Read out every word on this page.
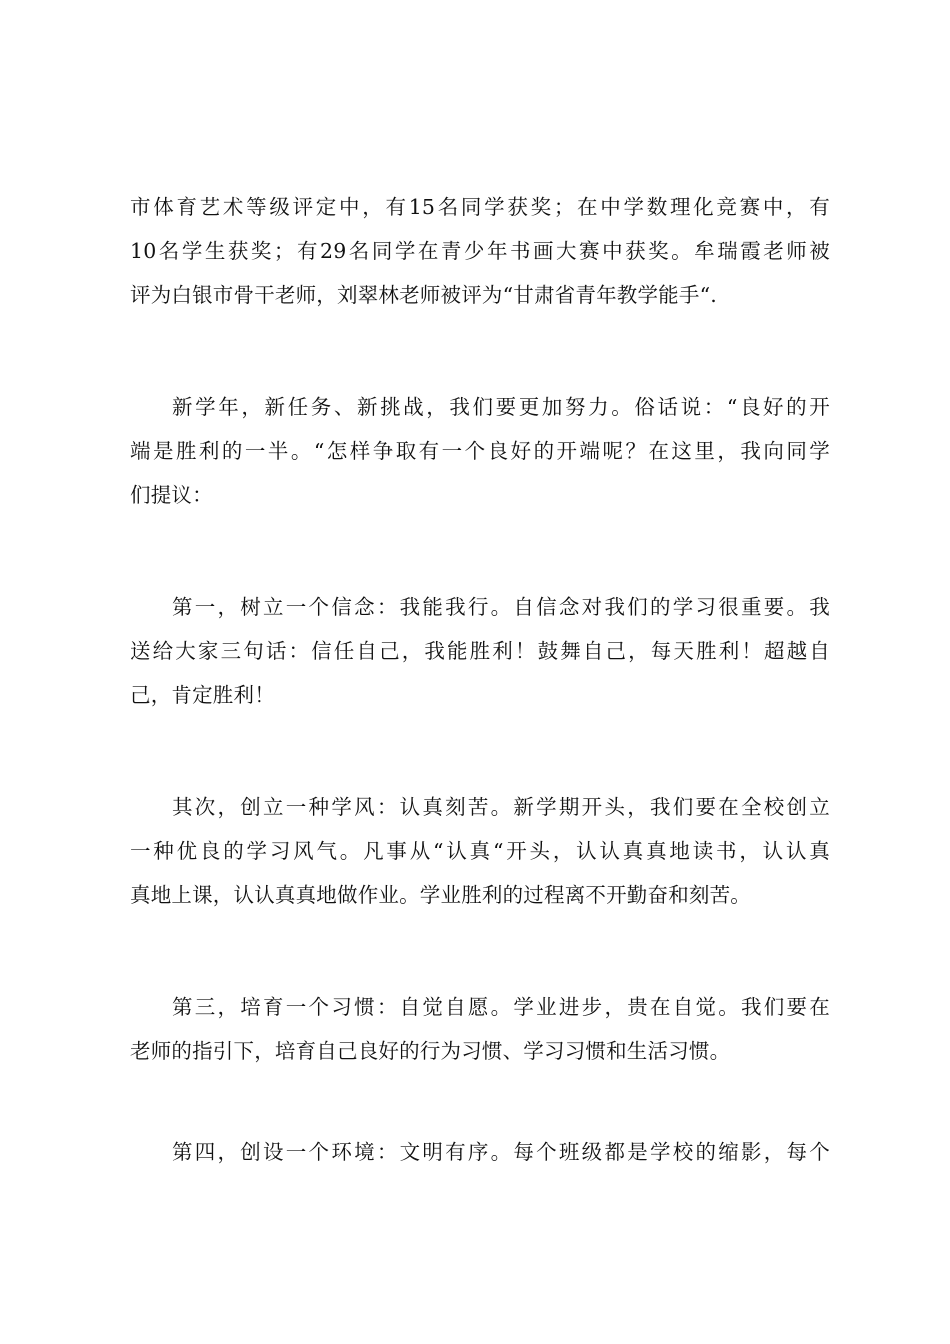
市体育艺术等级评定中，有15名同学获奖；在中学数理化竞赛中，有
10名学生获奖；有29名同学在青少年书画大赛中获奖。牟瑞霞老师被
评为白银市骨干老师，刘翠林老师被评为“甘肃省青年教学能手“.
新学年，新任务、新挑战，我们要更加努力。俗话说：“良好的开
端是胜利的一半。“怎样争取有一个良好的开端呢？在这里，我向同学
们提议：
第一，树立一个信念：我能我行。自信念对我们的学习很重要。我
送给大家三句话：信任自己，我能胜利！鼓舞自己，每天胜利！超越自
己，肯定胜利！
其次，创立一种学风：认真刻苦。新学期开头，我们要在全校创立
一种优良的学习风气。凡事从“认真“开头，认认真真地读书，认认真
真地上课，认认真真地做作业。学业胜利的过程离不开勤奋和刻苦。
第三，培育一个习惯：自觉自愿。学业进步，贵在自觉。我们要在
老师的指引下，培育自己良好的行为习惯、学习习惯和生活习惯。
第四，创设一个环境：文明有序。每个班级都是学校的缩影，每个
